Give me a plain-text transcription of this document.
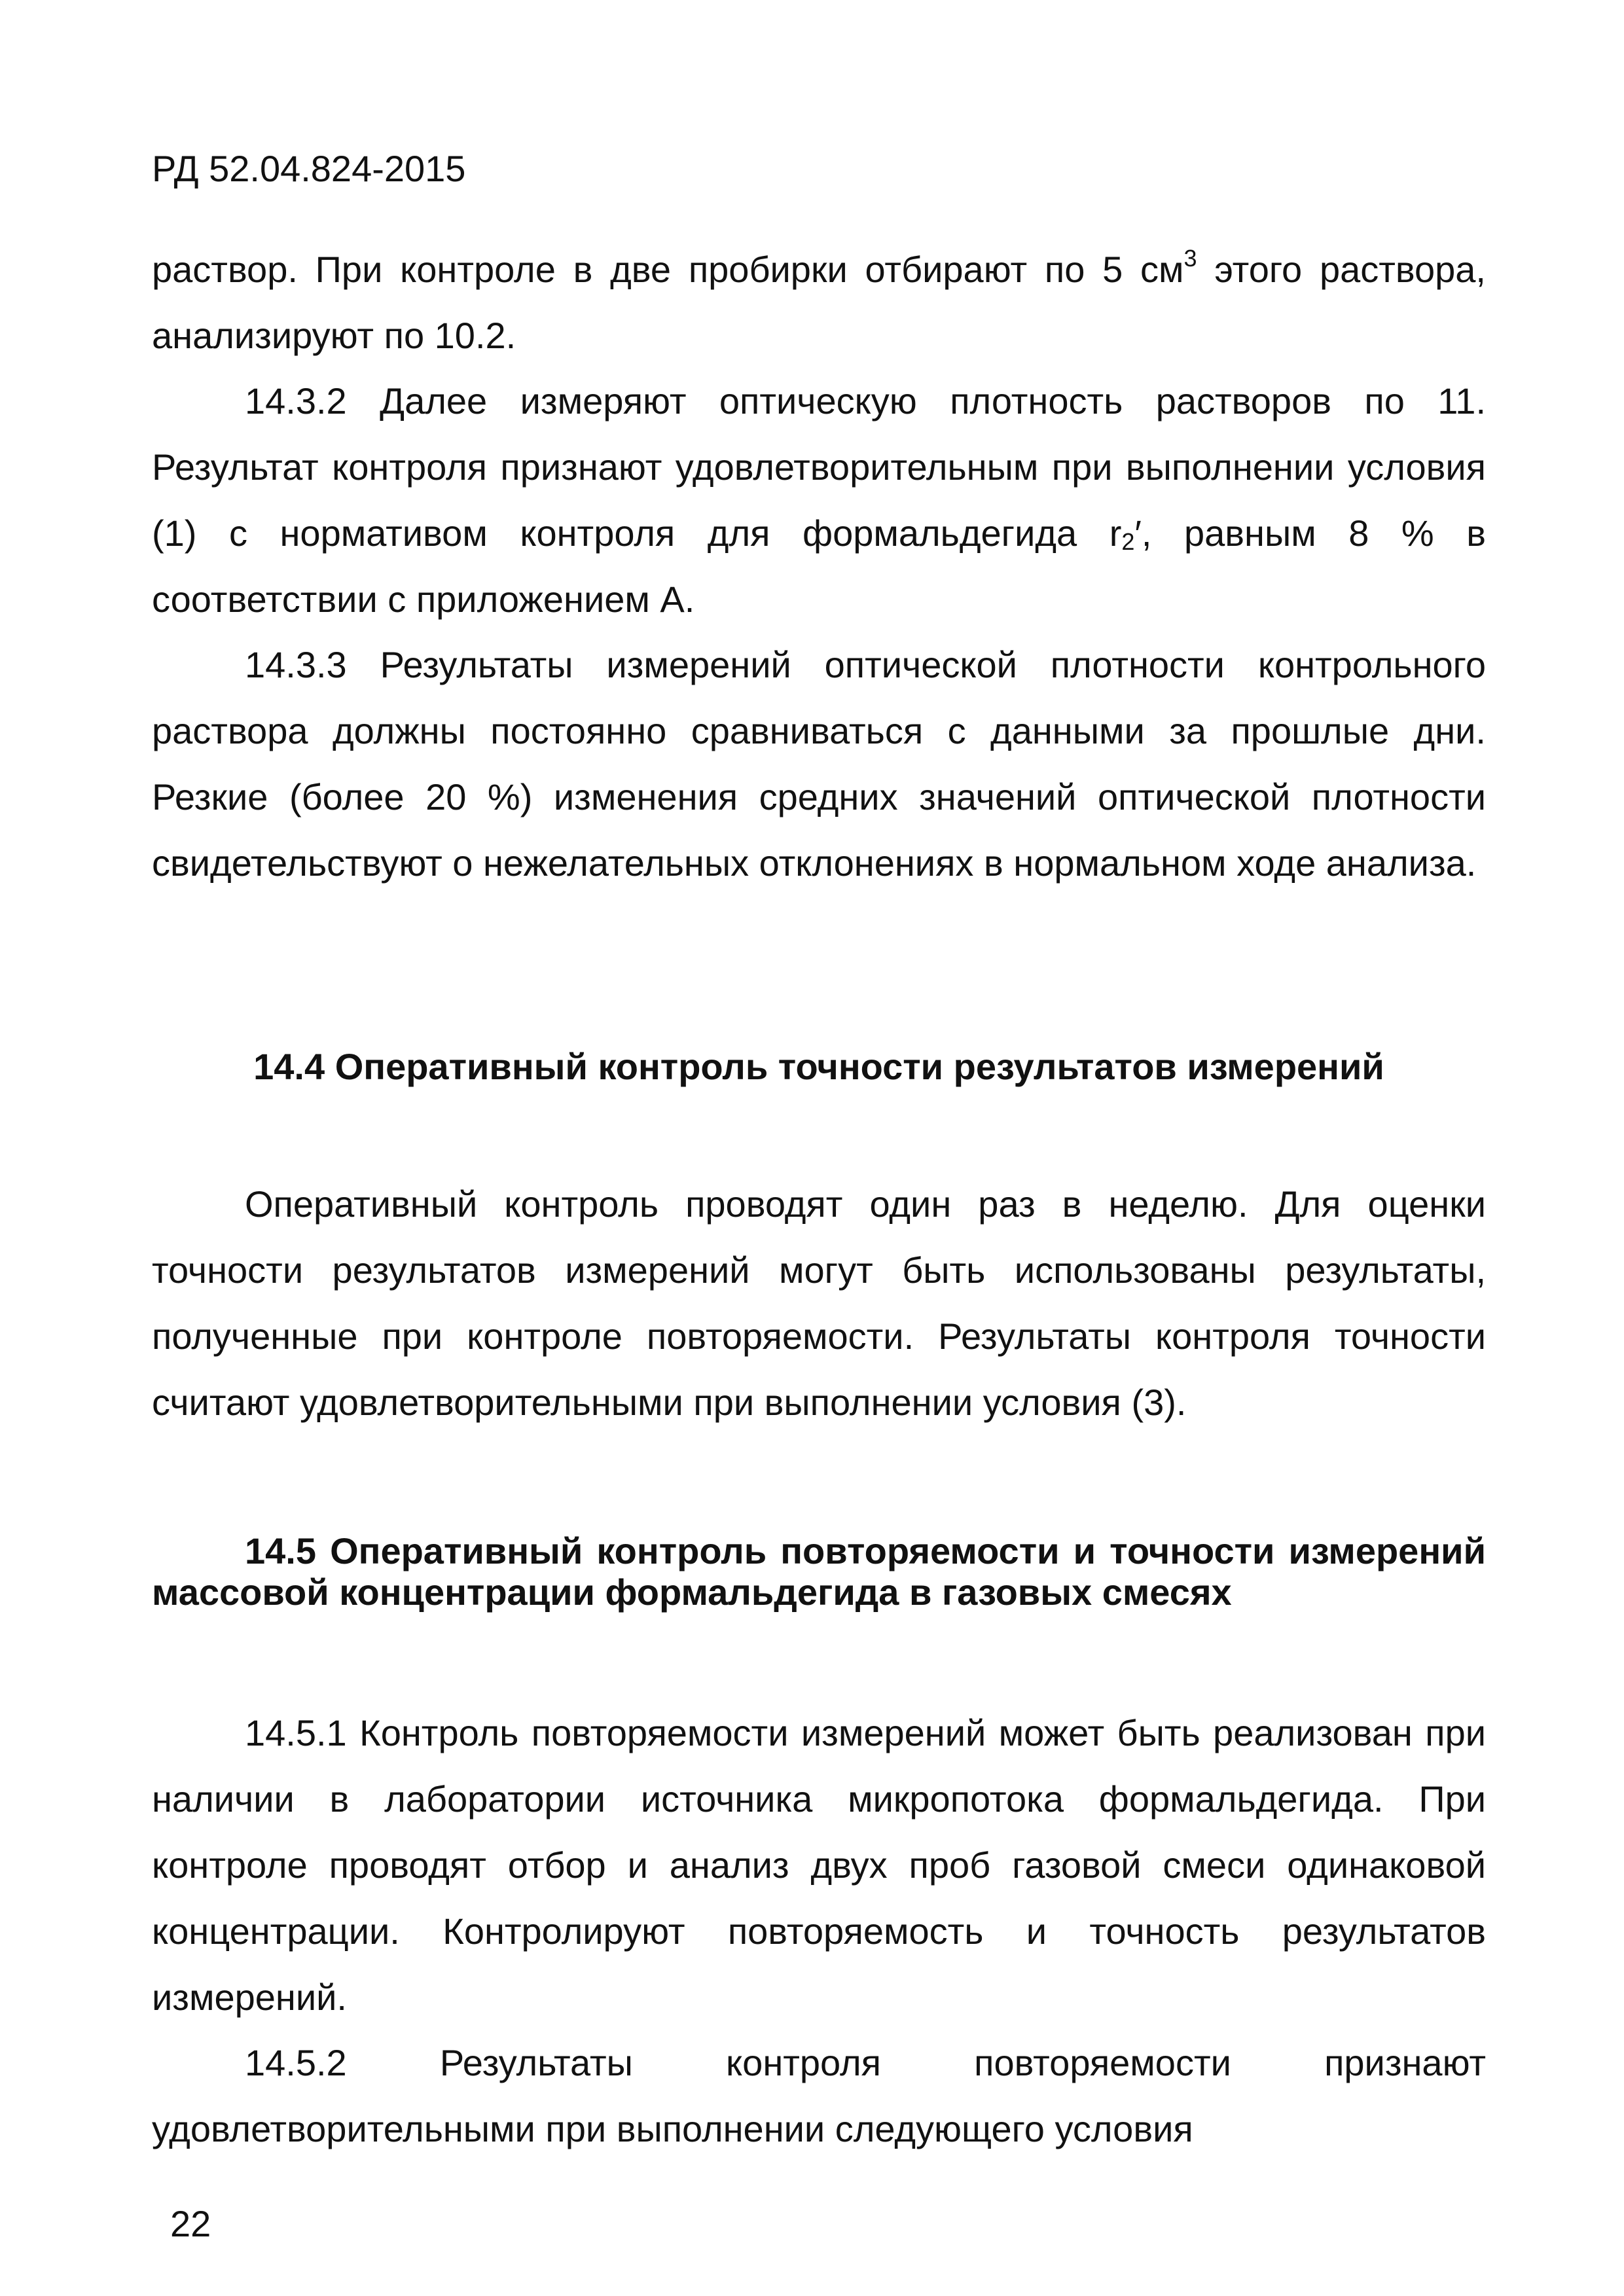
РД 52.04.824-2015

раствор. При контроле в две пробирки отбирают по 5 $см^3$ этого раствора, анализируют по 10.2.

14.3.2 Далее измеряют оптическую плотность растворов по 11. Результат контроля признают удовлетворительным при выполнении условия (1) с нормативом контроля для формальдегида $r_2'$, равным 8 % в соответствии с приложением А.

14.3.3 Результаты измерений оптической плотности контрольного раствора должны постоянно сравниваться с данными за прошлые дни. Резкие (более 20 %) изменения средних значений оптической плотности свидетельствуют о нежелательных отклонениях в нормальном ходе анализа.

14.4 Оперативный контроль точности результатов измерений

Оперативный контроль проводят один раз в неделю. Для оценки точности результатов измерений могут быть использованы результаты, полученные при контроле повторяемости. Результаты контроля точности считают удовлетворительными при выполнении условия (3).

14.5 Оперативный контроль повторяемости и точности измерений массовой концентрации формальдегида в газовых смесях

14.5.1 Контроль повторяемости измерений может быть реализован при наличии в лаборатории источника микропотока формальдегида. При контроле проводят отбор и анализ двух проб газовой смеси одинаковой концентрации. Контролируют повторяемость и точность результатов измерений.

14.5.2 Результаты контроля повторяемости признают удовлетворительными при выполнении следующего условия

22
